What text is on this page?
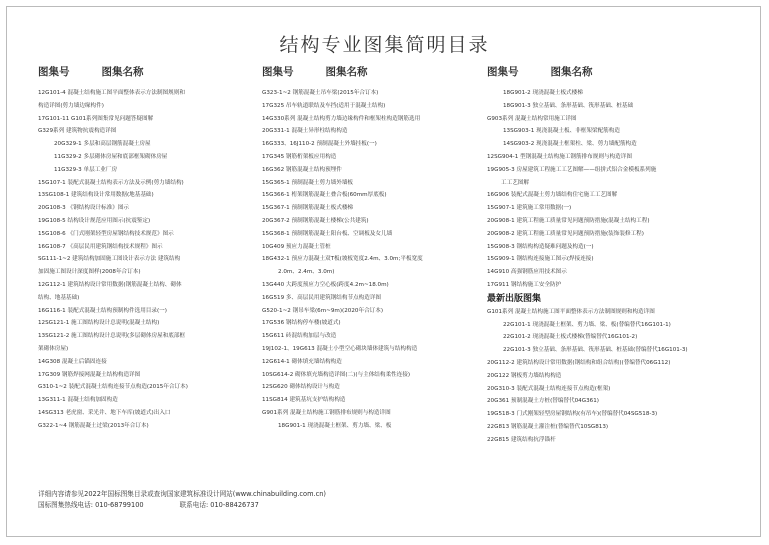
结构专业图集简明目录
图集号	图集名称
12G101-4 混凝土结构施工图平面整体表示方法制图规则和
构造详图(剪力墙边缘构件)
17G101-11 G101系列图集常见问题答疑图解
G329系列 建筑物抗震构造详图
20G329-1 多层和高层钢筋混凝土房屋
11G329-2 多层砌体房屋和底部框架砌体房屋
11G329-3 单层工业厂房
15G107-1 装配式混凝土结构表示方法及示例(剪力墙结构)
13SG108-1 建筑结构设计常用数据(地基基础)
20G108-3 《钢结构设计标准》图示
19G108-5 结构设计规范应用图示(抗震鉴定)
15G108-6 《门式刚架轻型房屋钢结构技术规范》图示
16G108-7 《高层民用建筑钢结构技术规程》图示
SG111-1~2 建筑结构加固施工图设计表示方法 建筑结构
加固施工图设计深度图样(2008年合订本)
12G112-1 建筑结构设计常用数据(钢筋混凝土结构、砌体
结构、地基基础)
16G116-1 装配式混凝土结构预制构件选用目录(一)
12SG121-1 施工图结构设计总说明(混凝土结构)
13SG121-2 施工图结构设计总说明(多层砌体房屋和底部框
架砌体房屋)
14G308 混凝土后锚固连接
17G309 钢筋焊接网混凝土结构构造详图
G310-1~2 装配式混凝土结构连接节点构造(2015年合订本)
13G311-1 混凝土结构加固构造
14SG313 老虎窗、采光井、地下车库(坡道式)出入口
G322-1~4 钢筋混凝土过梁(2013年合订本)
图集号	图集名称
G323-1~2 钢筋混凝土吊车梁(2015年合订本)
17G325 吊车轨道联结及车挡(适用于混凝土结构)
14G330系列 混凝土结构剪力墙边缘构件和框架柱构造钢筋选用
20G331-1 混凝土异形柱结构构造
16G333、16J110-2 预制混凝土外墙挂板(一)
17G345 钢筋桁架板应用构造
16G362 钢筋混凝土结构预埋件
15G365-1 预制混凝土剪力墙外墙板
15G366-1 桁架钢筋混凝土叠合板(60mm厚底板)
15G367-1 预制钢筋混凝土板式楼梯
20G367-2 预制钢筋混凝土楼梯(公共建筑)
15G368-1 预制钢筋混凝土阳台板、空调板及女儿墙
10G409 预应力混凝土管桩
18G432-1 预应力混凝土双T板(坡板宽度2.4m、3.0m;平板宽度
2.0m、2.4m、3.0m)
13G440 大跨度预应力空心板(跨度4.2m~18.0m)
16G519 多、高层民用建筑钢结构节点构造详图
G520-1~2 钢吊车梁(6m~9m)(2020年合订本)
17G536 钢结构停车楼(坡道式)
15G611 砖混结构加层与改造
19J102-1、19G613 混凝土小型空心砌块墙体建筑与结构构造
12G614-1 砌体填充墙结构构造
10SG614-2 砌体填充墙构造详图(二)(与主体结构柔性连接)
12SG620 砌体结构设计与构造
11SG814 建筑基坑支护结构构造
G901系列 混凝土结构施工钢筋排布规则与构造详图
18G901-1 现浇混凝土框架、剪力墙、梁、板
图集号	图集名称
18G901-2 现浇混凝土板式楼梯
18G901-3 独立基础、条形基础、筏形基础、桩基础
G903系列 混凝土结构常用施工详图
13SG903-1 现浇混凝土板、非框架梁配筋构造
14SG903-2 现浇混凝土框架柱、梁、剪力墙配筋构造
12SG904-1 型钢混凝土结构施工钢筋排布规则与构造详图
19G905-3 房屋建筑工程施工工艺图解——组拼式铝合金模板系列施
工工艺图解
16G906 装配式混凝土剪力墙结构住宅施工工艺图解
15G907-1 建筑施工常用数据(一)
20G908-1 建筑工程施工质量常见问题预防措施(混凝土结构工程)
20G908-2 建筑工程施工质量常见问题预防措施(装饰装修工程)
15G908-3 钢结构构造疑难问题及构造(一)
15G909-1 钢结构连接施工图示(焊接连接)
14G910 高强钢筋应用技术图示
17G911 钢结构施工安全防护
最新出版图集
G101系列 混凝土结构施工图平面整体表示方法制图规则和构造详图
22G101-1 现浇混凝土框架、剪力墙、梁、板(替编替代16G101-1)
22G101-2 现浇混凝土板式楼梯(替编替代16G101-2)
22G101-3 独立基础、条形基础、筏形基础、桩基础(替编替代16G101-3)
20G112-2 建筑结构设计常用数据(钢结构和组合结构)(替编替代06G112)
20G122 钢板剪力墙结构构造
20G310-3 装配式混凝土结构连接节点构造(框架)
20G361 预制混凝土方桩(替编替代04G361)
19G518-3 门式刚架轻型房屋钢结构(有吊车)(替编替代04SG518-3)
22G813 钢筋混凝土灌注桩(替编替代10SG813)
22G815 建筑结构抗浮锚杆
详细内容请参见2022年国标图集目录或查询国家建筑标准设计网站(www.chinabuilding.com.cn)
国标图集热线电话: 010-68799100	联系电话: 010-88426737
